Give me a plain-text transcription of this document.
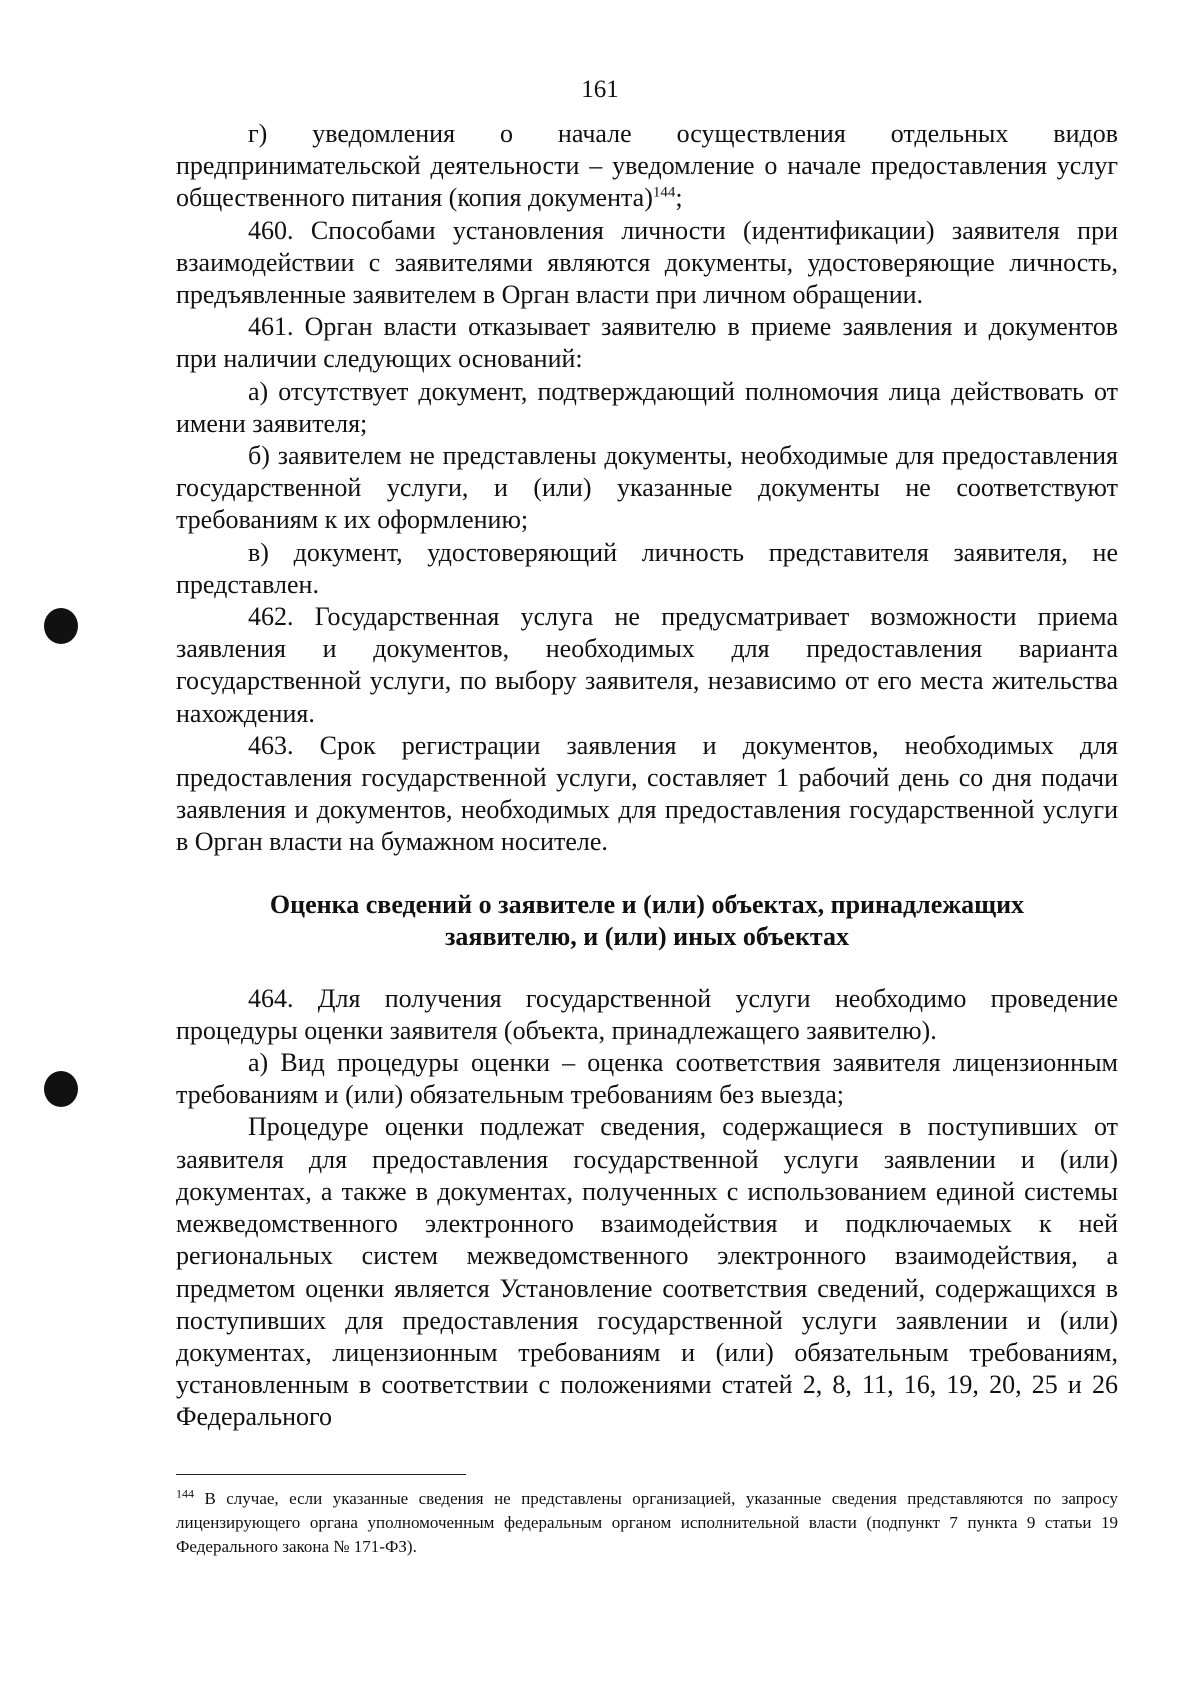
161

г) уведомления о начале осуществления отдельных видов предпринимательской деятельности – уведомление о начале предоставления услуг общественного питания (копия документа)$^{144}$;

460. Способами установления личности (идентификации) заявителя при взаимодействии с заявителями являются документы, удостоверяющие личность, предъявленные заявителем в Орган власти при личном обращении.

461. Орган власти отказывает заявителю в приеме заявления и документов при наличии следующих оснований:

а) отсутствует документ, подтверждающий полномочия лица действовать от имени заявителя;

б) заявителем не представлены документы, необходимые для предоставления государственной услуги, и (или) указанные документы не соответствуют требованиям к их оформлению;

в) документ, удостоверяющий личность представителя заявителя, не представлен.

462. Государственная услуга не предусматривает возможности приема заявления и документов, необходимых для предоставления варианта государственной услуги, по выбору заявителя, независимо от его места жительства нахождения.

463. Срок регистрации заявления и документов, необходимых для предоставления государственной услуги, составляет 1 рабочий день со дня подачи заявления и документов, необходимых для предоставления государственной услуги в Орган власти на бумажном носителе.

Оценка сведений о заявителе и (или) объектах, принадлежащих заявителю, и (или) иных объектах

464. Для получения государственной услуги необходимо проведение процедуры оценки заявителя (объекта, принадлежащего заявителю).

а) Вид процедуры оценки – оценка соответствия заявителя лицензионным требованиям и (или) обязательным требованиям без выезда;

Процедуре оценки подлежат сведения, содержащиеся в поступивших от заявителя для предоставления государственной услуги заявлении и (или) документах, а также в документах, полученных с использованием единой системы межведомственного электронного взаимодействия и подключаемых к ней региональных систем межведомственного электронного взаимодействия, а предметом оценки является Установление соответствия сведений, содержащихся в поступивших для предоставления государственной услуги заявлении и (или) документах, лицензионным требованиям и (или) обязательным требованиям, установленным в соответствии с положениями статей 2, 8, 11, 16, 19, 20, 25 и 26 Федерального

$^{144}$ В случае, если указанные сведения не представлены организацией, указанные сведения представляются по запросу лицензирующего органа уполномоченным федеральным органом исполнительной власти (подпункт 7 пункта 9 статьи 19 Федерального закона № 171-ФЗ).
